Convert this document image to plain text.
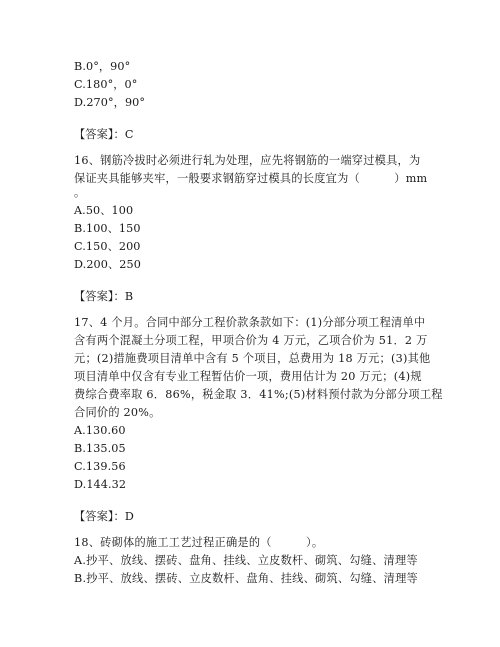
B.0°，90°
C.180°，0°
D.270°，90°
【答案】：C
16、钢筋冷拔时必须进行轧为处理，应先将钢筋的一端穿过模具，为
保证夹具能够夹牢，一般要求钢筋穿过模具的长度宜为（　　　）mm
。
A.50、100
B.100、150
C.150、200
D.200、250
【答案】：B
17、4 个月。合同中部分工程价款条款如下：(1)分部分项工程清单中
含有两个混凝土分项工程，甲项合价为 4 万元，乙项合价为 51．2 万
元；(2)措施费项目清单中含有 5 个项目，总费用为 18 万元；(3)其他
项目清单中仅含有专业工程暂估价一项，费用估计为 20 万元；(4)规
费综合费率取 6．86%，税金取 3．41%;(5)材料预付款为分部分项工程
合同价的 20%。
A.130.60
B.135.05
C.139.56
D.144.32
【答案】：D
18、砖砌体的施工工艺过程正确是的（　　　）。
A.抄平、放线、摆砖、盘角、挂线、立皮数杆、砌筑、勾缝、清理等
B.抄平、放线、摆砖、立皮数杆、盘角、挂线、砌筑、勾缝、清理等
